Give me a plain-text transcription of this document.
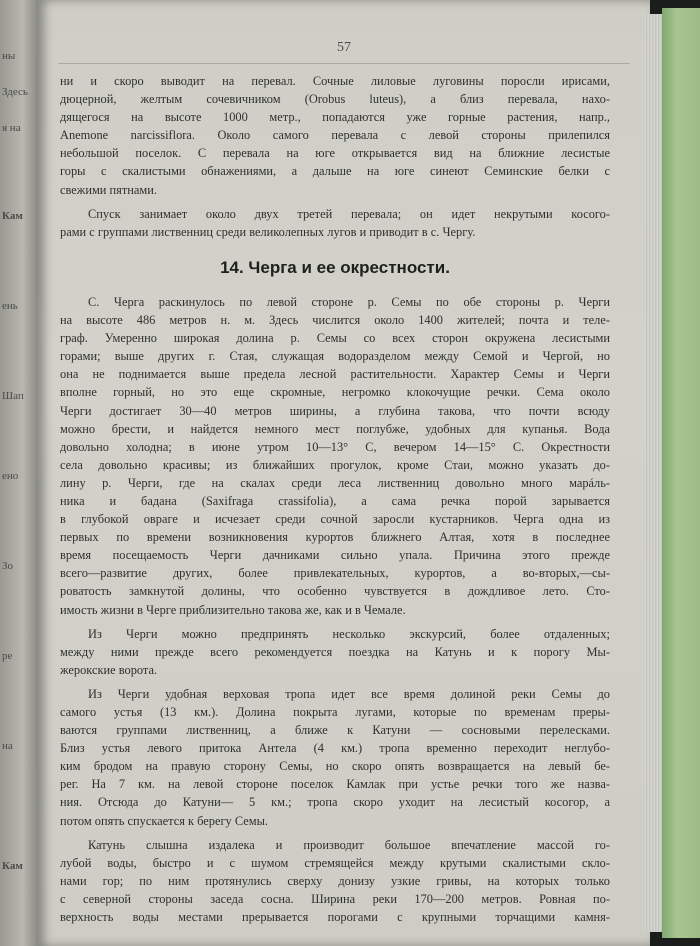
ны
Здесь
я на
Кам
ень
Шап
ено
Зо
ре
на
Кам
57
ни и скоро выводит на перевал. Сочные лиловые луговины поросли ирисами,
дюцерной, желтым сочевичником (Orobus luteus), а близ перевала, нахо-
дящегося на высоте 1000 метр., попадаются уже горные растения, напр.,
Anemone narcissiflora. Около самого перевала с левой стороны прилепился
небольшой поселок. С перевала на юге открывается вид на ближние лесистые
горы с скалистыми обнажениями, а дальше на юге синеют Семинские белки с
свежими пятнами.
Спуск занимает около двух третей перевала; он идет некрутыми косого-
рами с группами лиственниц среди великолепных лугов и приводит в с. Чергу.
14. Черга и ее окрестности.
С. Черга раскинулось по левой стороне р. Семы по обе стороны р. Черги
на высоте 486 метров н. м. Здесь числится около 1400 жителей; почта и теле-
граф. Умеренно широкая долина р. Семы со всех сторон окружена лесистыми
горами; выше других г. Стая, служащая водоразделом между Семой и Чергой, но
она не поднимается выше предела лесной растительности. Характер Семы и Черги
вполне горный, но это еще скромные, негромко клокочущие речки. Сема около
Черги достигает 30—40 метров ширины, а глубина такова, что почти всюду
можно брести, и найдется немного мест поглубже, удобных для купанья. Вода
довольно холодна; в июне утром 10—13° С, вечером 14—15° С. Окрестности
села довольно красивы; из ближайших прогулок, кроме Стаи, можно указать до-
лину р. Черги, где на скалах среди леса лиственниц довольно много марáль-
ника и бадана (Saxifraga crassifolia), а сама речка порой зарывается
в глубокой овраге и исчезает среди сочной заросли кустарников. Черга одна из
первых по времени возникновения курортов ближнего Алтая, хотя в последнее
время посещаемость Черги дачниками сильно упала. Причина этого прежде
всего—развитие других, более привлекательных, курортов, а во-вторых,—сы-
роватость замкнутой долины, что особенно чувствуется в дождливое лето. Сто-
имость жизни в Черге приблизительно такова же, как и в Чемале.
Из Черги можно предпринять несколько экскурсий, более отдаленных;
между ними прежде всего рекомендуется поездка на Катунь и к порогу Мы-
жерокские ворота.
Из Черги удобная верховая тропа идет все время долиной реки Семы до
самого устья (13 км.). Долина покрыта лугами, которые по временам преры-
ваются группами лиственниц, а ближе к Катуни — сосновыми перелесками.
Близ устья левого притока Антела (4 км.) тропа временно переходит неглубо-
ким бродом на правую сторону Семы, но скоро опять возвращается на левый бе-
рег. На 7 км. на левой стороне поселок Камлак при устье речки того же назва-
ния. Отсюда до Катуни— 5 км.; тропа скоро уходит на лесистый косогор, а
потом опять спускается к берегу Семы.
Катунь слышна издалека и производит большое впечатление массой го-
лубой воды, быстро и с шумом стремящейся между крутыми скалистыми скло-
нами гор; по ним протянулись сверху донизу узкие гривы, на которых только
с северной стороны заседа сосна. Ширина реки 170—200 метров. Ровная по-
верхность воды местами прерывается порогами с крупными торчащими камня-
